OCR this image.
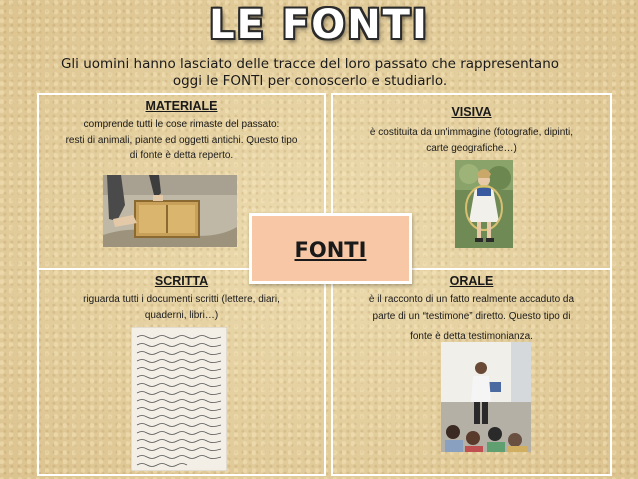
LE FONTI
Gli uomini hanno lasciato delle tracce del loro passato che rappresentano
oggi le FONTI per conoscerlo e studiarlo.
MATERIALE
comprende tutti le cose rimaste del passato:
resti di animali, piante ed oggetti antichi. Questo tipo
di fonte è detta reperto.
VISIVA
è costituita da un'immagine (fotografie, dipinti,
carte geografiche…)
SCRITTA
riguarda tutti i documenti scritti (lettere, diari,
quaderni, libri…)
ORALE
è il racconto di un fatto realmente accaduto da
parte di un “testimone” diretto. Questo tipo di
fonte è detta testimonianza.
FONTI
